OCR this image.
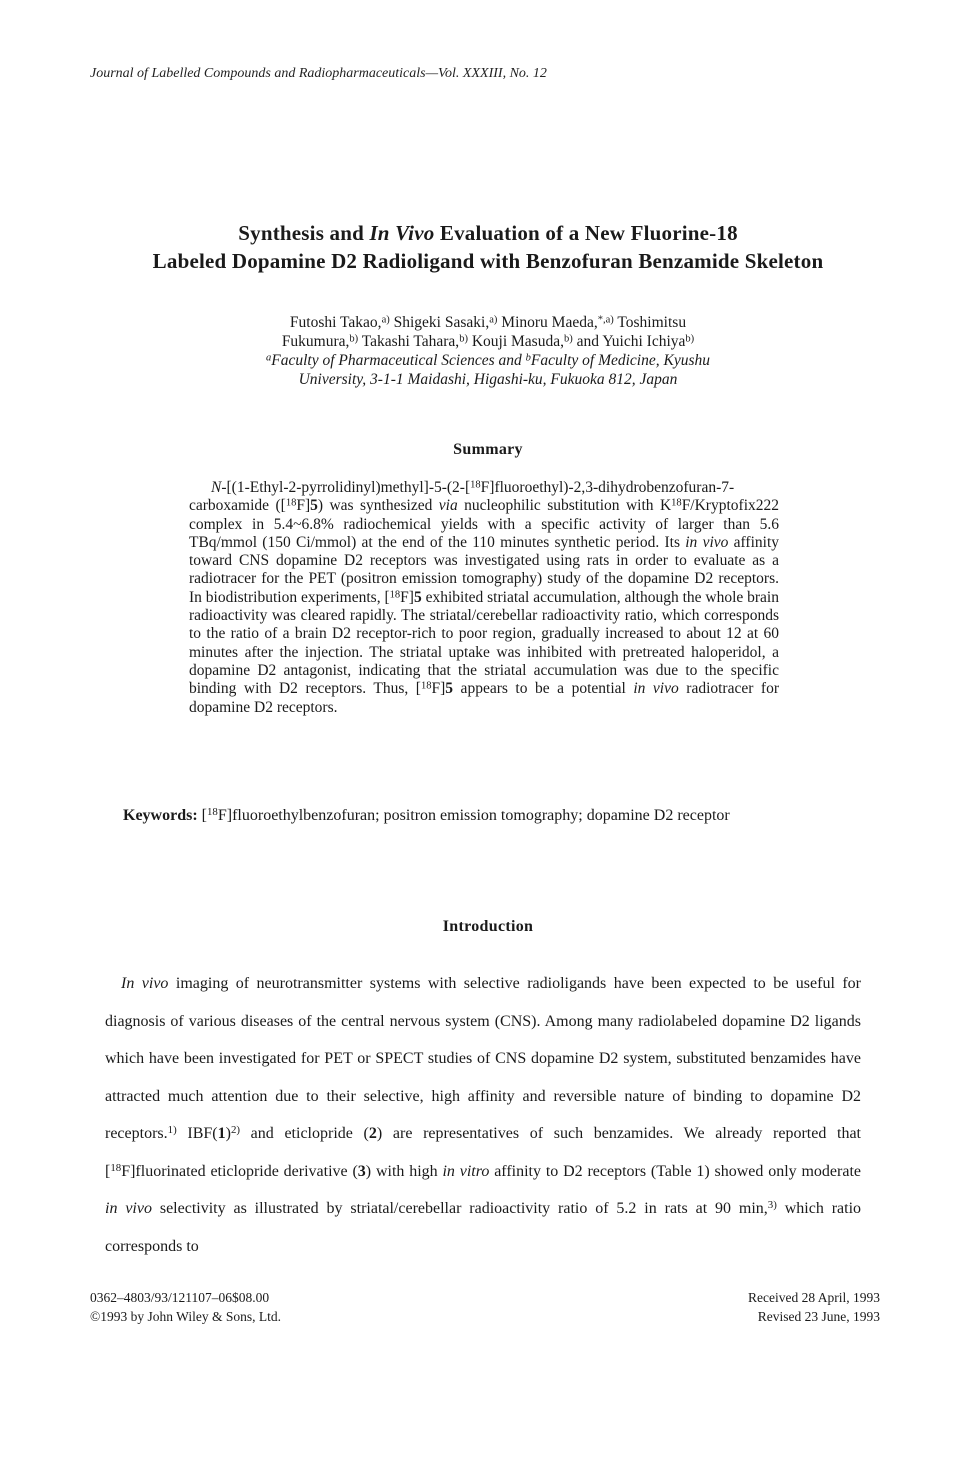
Journal of Labelled Compounds and Radiopharmaceuticals—Vol. XXXIII, No. 12
Synthesis and In Vivo Evaluation of a New Fluorine-18
Labeled Dopamine D2 Radioligand with Benzofuran Benzamide Skeleton
Futoshi Takao,$^{a)}$ Shigeki Sasaki,$^{a)}$ Minoru Maeda,$^{*,a)}$ Toshimitsu
Fukumura,$^{b)}$ Takashi Tahara,$^{b)}$ Kouji Masuda,$^{b)}$ and Yuichi Ichiya$^{b)}$
$^a$Faculty of Pharmaceutical Sciences and $^b$Faculty of Medicine, Kyushu
University, 3-1-1 Maidashi, Higashi-ku, Fukuoka 812, Japan
Summary

N-[(1-Ethyl-2-pyrrolidinyl)methyl]-5-(2-[$^{18}$F]fluoroethyl)-2,3-dihydrobenzofuran-7-carboxamide ([$^{18}$F]5) was synthesized via nucleophilic substitution with $K^{18}F/Kryptofix222$ complex in 5.4~6.8% radiochemical yields with a specific activity of larger than 5.6 TBq/mmol (150 Ci/mmol) at the end of the 110 minutes synthetic period. Its in vivo affinity toward CNS dopamine D2 receptors was investigated using rats in order to evaluate as a radiotracer for the PET (positron emission tomography) study of the dopamine D2 receptors. In biodistribution experiments, [$^{18}$F]5 exhibited striatal accumulation, although the whole brain radioactivity was cleared rapidly. The striatal/cerebellar radioactivity ratio, which corresponds to the ratio of a brain D2 receptor-rich to poor region, gradually increased to about 12 at 60 minutes after the injection. The striatal uptake was inhibited with pretreated haloperidol, a dopamine D2 antagonist, indicating that the striatal accumulation was due to the specific binding with D2 receptors. Thus, [$^{18}$F]5 appears to be a potential in vivo radiotracer for dopamine D2 receptors.

Keywords: [$^{18}$F]fluoroethylbenzofuran; positron emission tomography; dopamine D2 receptor
Introduction

In vivo imaging of neurotransmitter systems with selective radioligands have been expected to be useful for diagnosis of various diseases of the central nervous system (CNS). Among many radiolabeled dopamine D2 ligands which have been investigated for PET or SPECT studies of CNS dopamine D2 system, substituted benzamides have attracted much attention due to their selective, high affinity and reversible nature of binding to dopamine D2 receptors.$^{1)}$ $IBF(1)^{2)}$ and eticlopride (2) are representatives of such benzamides. We already reported that [$^{18}$F]fluorinated eticlopride derivative (3) with high in vitro affinity to D2 receptors (Table 1) showed only moderate in vivo selectivity as illustrated by striatal/cerebellar radioactivity ratio of 5.2 in rats at 90 min,$^{3)}$ which ratio corresponds to

0362–4803/93/121107–06$08.00
©1993 by John Wiley & Sons, Ltd.
Received 28 April, 1993
Revised 23 June, 1993
